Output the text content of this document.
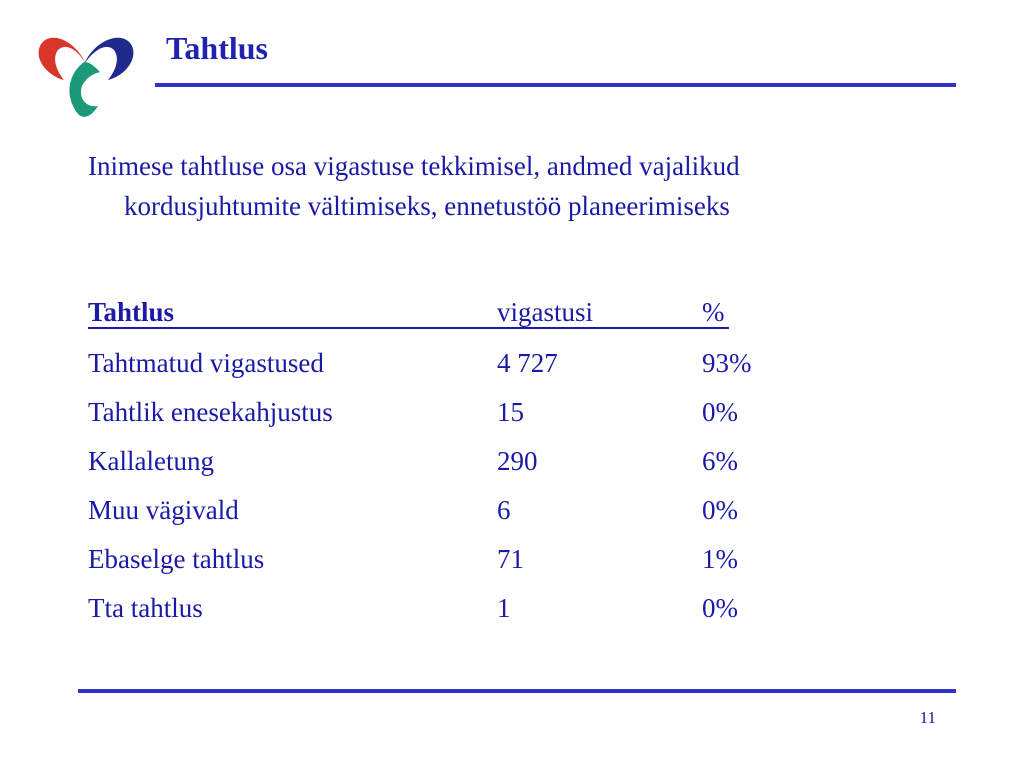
Tahtlus
Inimese tahtluse osa vigastuse tekkimisel, andmed vajalikud
kordusjuhtumite vältimiseks, ennetustöö planeerimiseks
Tahtlus	vigastusi	%
Tahtmatud vigastused	4 727	93%
Tahtlik enesekahjustus	15	0%
Kallaletung	290	6%
Muu vägivald	6	0%
Ebaselge tahtlus	71	1%
Tta tahtlus	1	0%
11
